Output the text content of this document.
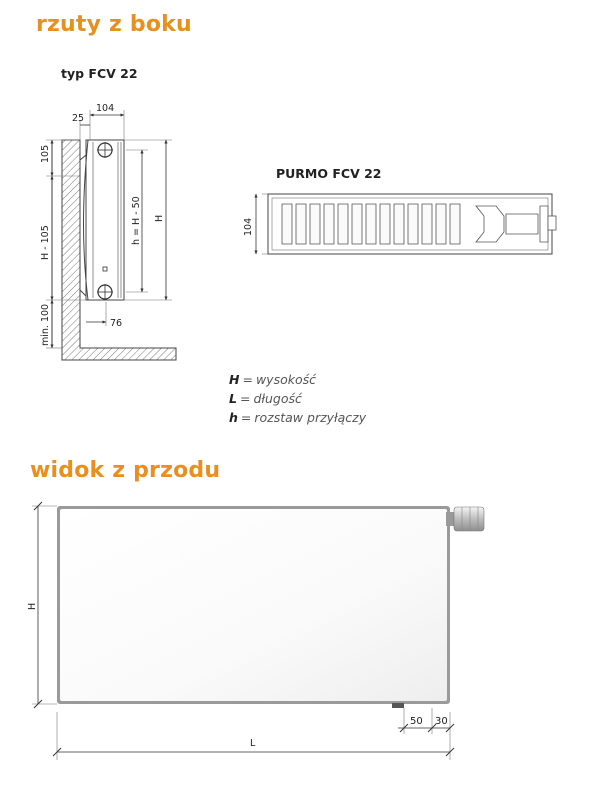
rzuty z boku
widok z przodu
typ FCV 22
PURMO FCV 22
104
25
105
H - 105
min. 100
h = H - 50 H
76
104
H
L
50 30
H = wysokość
L = długość
h = rozstaw przyłączy
